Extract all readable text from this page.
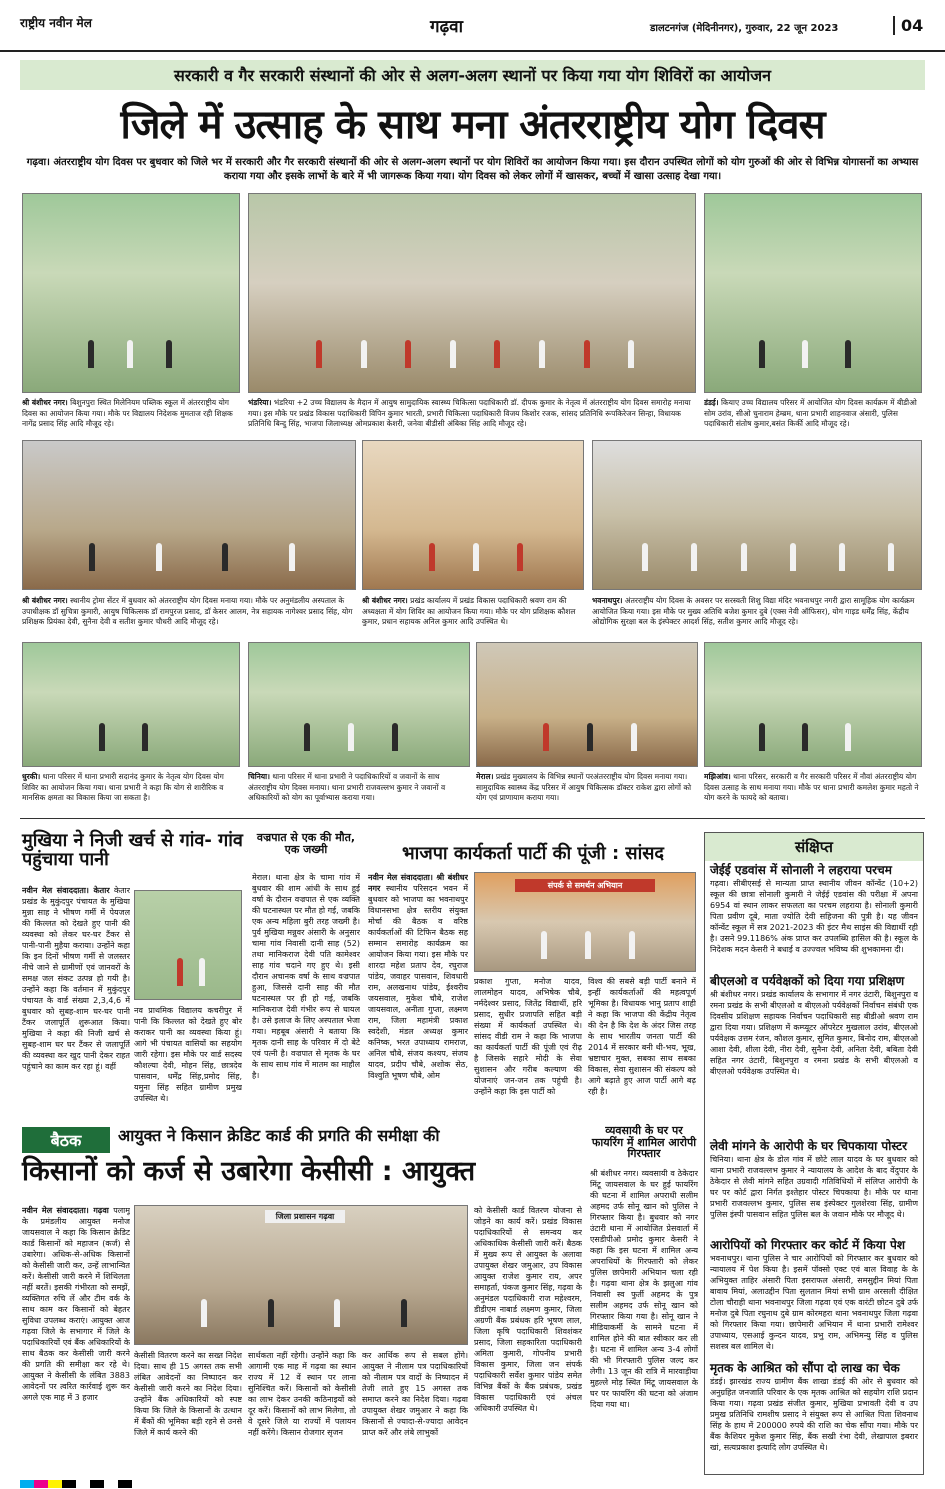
राष्ट्रीय नवीन मेल	गढ़वा	डालटनगंज (मेदिनीनगर), गुरुवार, 22 जून 2023	04
सरकारी व गैर सरकारी संस्थानों की ओर से अलग-अलग स्थानों पर किया गया योग शिविरों का आयोजन
जिले में उत्साह के साथ मना अंतरराष्ट्रीय योग दिवस
गढ़वा। अंतरराष्ट्रीय योग दिवस पर बुधवार को जिले भर में सरकारी और गैर सरकारी संस्थानों की ओर से अलग-अलग स्थानों पर योग शिविरों का आयोजन किया गया। इस दौरान उपस्थित लोगों को योग गुरुओं की ओर से विभिन्न योगासनों का अभ्यास कराया गया और इसके लाभों के बारे में भी जागरूक किया गया। योग दिवस को लेकर लोगों में खासकर, बच्चों में खासा उत्साह देखा गया।
श्री बंशीधर नगर। बिशुनपुरा स्थित मिलेनियम पब्लिक स्कूल में अंतरराष्ट्रीय योग दिवस का आयोजन किया गया। मौके पर विद्यालय निदेशक मुमताज रही शिक्षक नागेंद्र प्रसाद सिंह आदि मौजूद रहे।
भंडरिया। भंडरिया +2 उच्च विद्यालय के मैदान में आयुष सामुदायिक स्वास्थ्य चिकित्सा पदाधिकारी डॉ. दीपक कुमार के नेतृत्व में अंतरराष्ट्रीय योग दिवस समारोह मनाया गया। इस मौके पर प्रखंड विकास पदाधिकारी विपिन कुमार भारती, प्रभारी चिकित्सा पदाधिकारी विजय किशोर रजक, सांसद प्रतिनिधि रूपकिरेजन सिन्हा, विधायक प्रतिनिधि बिन्दु सिंह, भाजपा जिलाध्यक्ष ओमप्रकाश केशरी, जनेवा बीडीसी अंबिका सिंह आदि मौजूद रहे।
डंडई। कियाए उच्च विद्यालय परिसर में आयोजित योग दिवस कार्यक्रम में बीडीओ सोम उरांव, सीओ चुनाराम हेम्ब्रम, थाना प्रभारी शाहनवाज अंसारी, पुलिस पदाधिकारी संतोष कुमार,बसंत किर्की आदि मौजूद रहे।
श्री बंशीधर नगर। स्थानीय ट्रोमा सेंटर में बुधवार को अंतरराष्ट्रीय योग दिवस मनाया गया। मौके पर अनुमंडलीय अस्पताल के उपाधीक्षक डॉ सुचित्रा कुमारी, आयुष चिकित्सक डॉ रामपुरज प्रसाद, डॉ केसर आलम, नेत्र सहायक नागेश्वर प्रसाद सिंह, योग प्रशिक्षक प्रियंका देवी, सुनैना देवी व सतीश कुमार चौधरी आदि मौजूद रहे।
श्री बंशीधर नगर। प्रखंड कार्यालय में प्रखंड विकास पदाधिकारी श्रवण राम की अध्यक्षता में योग शिविर का आयोजन किया गया। मौके पर योग प्रशिक्षक कौशल कुमार, प्रधान सहायक अनिल कुमार आदि उपस्थित थे।
भवनाथपुर। अंतरराष्ट्रीय योग दिवस के अवसर पर सरस्वती शिशु विद्या मंदिर भवनाथपुर नगरी द्वारा सामूहिक योग कार्यक्रम आयोजित किया गया। इस मौके पर मुख्य अतिथि बजेश कुमार दुबे (एक्स नेवी ऑफिसर), योग गाइड धर्मेंद्र सिंह, केंद्रीय ओद्योगिक सुरक्षा बल के इंस्पेक्टर आदर्श सिंह, सतीश कुमार आदि मौजूद रहे।
धुरकी। थाना परिसर में थाना प्रभारी सदानंद कुमार के नेतृत्व योग दिवस योग शिविर का आयोजन किया गया। थाना प्रभारी ने कहा कि योग से शारीरिक व मानसिक क्षमता का विकास किया जा सकता है।
चिनिया। थाना परिसर में थाना प्रभारी ने पदाधिकारियों व जवानों के साथ अंतरराष्ट्रीय योग दिवस मनाया। थाना प्रभारी राजवल्लभ कुमार ने जवानों व अधिकारियों को योग का पूर्वाभ्यास कराया गया।
मेराल। प्रखंड मुख्यालय के विभिन्न स्थानों परअंतरराष्ट्रीय योग दिवस मनाया गया। सामुदायिक स्वास्थ्य केंद्र परिसर में आयुष चिकित्सक डॉक्टर राकेश द्वारा लोगों को योग एवं प्राणायाम कराया गया।
मझिआंव। थाना परिसर, सरकारी व गैर सरकारी परिसर में नौवां अंतरराष्ट्रीय योग दिवस उत्साह के साथ मनाया गया। मौके पर थाना प्रभारी कमलेश कुमार महतो ने योग करने के फायदे को बताया।
मुखिया ने निजी खर्च से गांव- गांव पहुंचाया पानी
नवीन मेल संवाददाता। केतार केतार प्रखंड के मुकुंदपुर पंचायत के मुखिया मुन्ना साह ने भीषण गर्मी में पेयजल की किल्लत को देखते हुए पानी की व्यवस्था को लेकर घर-घर टैंकर से पानी-पानी मुहैया कराया। उन्होंने कहा कि इन दिनों भीषण गर्मी से जलस्तर नीचे जाने से ग्रामीणों एवं जानवरों के समक्ष जल संकट उत्पन्न हो गयी है। उन्होंने कहा कि वर्तमान में मुकुंदपुर पंचायत के वार्ड संख्या 2,3,4,6 में बुधवार को सुबह-शाम घर-घर पानी टैंकर जलापूर्ति शुरूआत किया। मुखिया ने कहा की निजी खर्च से सुबह-शाम घर घर टैंकर से जलापूर्ति की व्यवस्था कर खुद पानी देकर राहत पहुंचाने का काम कर रहा हूं। वहीं
नव प्राथमिक विद्यालय कचरीपुर में पानी कि किल्लत को देखते हुए बोर कराकर पानी का व्यवस्था किया हूं।आगे भी पंचायत वासियों का सहयोग जारी रहेगा। इस मौके पर वार्ड सदस्य कौशल्या देवी, मोहन सिंह, छात्रदेव पासवान, धर्मेंद्र सिंह,प्रमोद सिंह, यमुना सिंह सहित ग्रामीण प्रमुख उपस्थित थे।
वज्रपात से एक की मौत, एक जख्मी
मेराल। थाना क्षेत्र के चामा गांव में बुधवार की शाम आंधी के साथ हुई वर्षा के दौरान वज्रपात से एक व्यक्ति की घटनास्थल पर मौत हो गई, जबकि एक अन्य महिला बुरी तरह जख्मी है। पुर्व मुखिया मन्नुवर अंसारी के अनुसार चामा गांव निवासी दानी साह (52) तथा मानिकराज देवी पति कामेश्वर साह गांव चदाने गए हुए थे। इसी दौरान अचानक वर्षा के साथ वज्रपात हुआ, जिससे दानी साह की मौत घटनास्थल पर ही हो गई, जबकि मानिकराज देवी गंभीर रूप से घायल है। उसे इलाज के लिए अस्पताल भेजा गया। महबूब अंसारी ने बताया कि मृतक दानी साह के परिवार में दो बेटे एवं पत्नी है। वज्रपात से मृतक के घर के साथ साथ गांव में मातम का माहौल है।
भाजपा कार्यकर्ता पार्टी की पूंजी : सांसद
नवीन मेल संवाददाता। श्री बंशीधर नगर स्थानीय परिसदन भवन में बुधवार को भाजपा का भवनाथपुर विधानसभा क्षेत्र स्तरीय संयुक्त मोर्चा की बैठक व वरिष्ठ कार्यकर्ताओं की टिफिन बैठक सह सम्मान समारोह कार्यक्रम का आयोजन किया गया। इस मौके पर शारदा महेश प्रताप देव, रघुराज पांडेय, जवाहर पासवान, शिवधारी राम, अलखनाथ पांडेय, ईश्वरीय जयसवाल, मुकेश चौबे, राजेश जायसवाल, अनीता गुप्ता, लक्ष्मण राम, जिला महामंत्री प्रकाश स्वदेशी, मंडल अध्यक्ष कुमार कनिष्क, भरत उपाध्याय रामराज, अनिल चौबे, संजय कश्यप, संजय यादव, प्रदीप चौबे, अशोक सेठ, विश्वुति भूषण चौबे, ओम
संपर्क से समर्थन अभियान
प्रकाश गुप्ता, मनोज यादव, लालमोहन यादव, अभिषेक चौबे, नर्मदेश्वर प्रसाद, जितेंद्र विद्यार्थी, हरि प्रसाद, सुधीर प्रजापति सहित बड़ी संख्या में कार्यकर्ता उपस्थित थे। सांसद वीडी राम ने कहा कि भाजपा का कार्यकर्ता पार्टी की पूंजी एवं रीढ़ है जिसके सहारे मोदी के सेवा सुशासन और गरीब कल्याण की योजनाएं जन-जन तक पहुंची है। उन्होंने कहा कि इस पार्टी को
विश्व की सबसे बड़ी पार्टी बनाने में इन्हीं कार्यकर्ताओं की महत्वपूर्ण भूमिका है। विधायक भानु प्रताप शाही ने कहा कि भाजपा की केंद्रीय नेतृत्व की देन है कि देश के अंदर जिस तरह के साथ भारतीय जनता पार्टी की 2014 में सरकार बनी थी-भय, भूख, भ्रष्टाचार मुक्त, सबका साथ सबका विकास, सेवा सुशासन की संकल्प को आगे बढ़ाते हुए आज पार्टी आगे बढ़ रही है।
बैठक	आयुक्त ने किसान क्रेडिट कार्ड की प्रगति की समीक्षा की
किसानों को कर्ज से उबारेगा केसीसी : आयुक्त
नवीन मेल संवाददाता। गढ़वा पलामू के प्रमंडलीय आयुक्त मनोज जायसवाल ने कहा कि किसान क्रेडिट कार्ड किसानों को महाजन (कर्ज) से उबारेगा। अधिक-से-अधिक किसानों को केसीसी जारी कर, उन्हें लाभान्वित करें। केसीसी जारी करने में शिथिलता नहीं बरतें। इसकी गंभीरता को समझें, व्यक्तिगत रुचि लें और टीम वर्क के साथ काम कर किसानों को बेहतर सुविधा उपलब्ध कराएं। आयुक्त आज गढ़वा जिले के सभागार में जिले के पदाधिकारियों एवं बैंक अधिकारियों के साथ बैठक कर केसीसी जारी करने की प्रगति की समीक्षा कर रहे थे। आयुक्त ने केसीसी के लंबित 3883 आवेदनों पर त्वरित कार्रवाई शुरू कर अगले एक माह में 3 हजार
जिला प्रशासन गढ़वा
केसीसी वितरण करने का सख्त निदेश दिया। साथ ही 15 अगस्त तक सभी लंबित आवेदनों का निष्पादन कर केसीसी जारी करने का निदेश दिया। उन्होंने बैंक अधिकारियों को स्पष्ट किया कि जिले के किसानों के उत्थान में बैंकों की भूमिका बड़ी रहने से उनसे जिले में कार्य करने की
सार्थकता नहीं रहेगी। उन्होंने कहा कि आगामी एक माह में गढ़वा का स्थान राज्य में 12 वें स्थान पर लाना सुनिश्चित करें। किसानों को केसीसी का लाभ देकर उनकी कठिनाइयों को दूर करें। किसानों को लाभ मिलेगा, तो वे दूसरे जिले या राज्यों में पलायन नहीं करेंगे। किसान रोजगार सृजन
कर आर्थिक रूप से सबल होंगे। आयुक्त ने नीलाम पत्र पदाधिकारियों को नीलाम पत्र वादों के निष्पादन में तेजी लाते हुए 15 अगस्त तक समाप्त करने का निदेश दिया। गढ़वा उपायुक्त शेखर जमुआर ने कहा कि किसानों से ज्यादा-से-ज्यादा आवेदन प्राप्त करें और लंबे लाभुकों
को केसीसी कार्ड वितरण योजना से जोड़ने का कार्य करें। प्रखंड विकास पदाधिकारियों से समन्वय कर अधिकाधिक केसीसी जारी करें। बैठक में मुख्य रूप से आयुक्त के अलावा उपायुक्त शेखर जमुआर, उप विकास आयुक्त राजेश कुमार राय, अपर समाहर्ता, पंकज कुमार सिंह, गढ़वा के अनुमंडल पदाधिकारी राज महेश्वरम, डीडीएम नाबार्ड लक्ष्मण कुमार, जिला अग्रणी बैंक प्रबंधक हरि भूषण लाल, जिला कृषि पदाधिकारी शिवशंकर प्रसाद, जिला सहकारिता पदाधिकारी अमिता कुमारी, गोपनीय प्रभारी विकास कुमार, जिला जन संपर्क पदाधिकारी सर्वेश कुमार पांडेय समेत विभिन्न बैंकों के बैंक प्रबंधक, प्रखंड विकास पदाधिकारी एवं अंचल अधिकारी उपस्थित थे।
व्यवसायी के घर पर फायरिंग में शामिल आरोपी गिरफ्तार
श्री बंशीधर नगर। व्यवसायी व ठेकेदार मिंटू जायसवाल के घर हुई फायरिंग की घटना में शामिल अपराधी सलीम अहमद उर्फ सोनू खान को पुलिस ने गिरफ्तार किया है। बुधवार को नगर उंटारी थाना में आयोजित प्रेसवार्ता में एसडीपीओ प्रमोद कुमार केसरी ने कहा कि इस घटना में शामिल अन्य अपराधियों के गिरफ्तारी को लेकर पुलिस छापेमारी अभियान चला रही है। गढ़वा थाना क्षेत्र के झलुआ गांव निवासी स्व फुर्ती अहमद के पुत्र सलीम अहमद उर्फ सोनू खान को गिरफ्तार किया गया है। सोनू खान ने मीडियाकर्मी के सामने घटना में शामिल होने की बात स्वीकार कर ली है। घटना में शामिल अन्य 3-4 लोगों की भी गिरफ्तारी पुलिस जल्द कर लेगी। 13 जून की रात्रि में मारवाड़ीया मुहल्ले मोड़ स्थित मिंटू जायसवाल के घर पर फायरिंग की घटना को अंजाम दिया गया था।
संक्षिप्त
जेईई एडवांस में सोनाली ने लहराया परचम
गढ़वा। सीबीएसई से मान्यता प्राप्त स्थानीय जीवन कॉन्वेंट (10+2) स्कूल की छात्रा सोनाली कुमारी ने जेईई एडवांस की परीक्षा में अपना 6954 वां स्थान लाकर सफलता का परचम लहराया है। सोनाली कुमारी पिता प्रवीण दूबे, माता ज्योति देवी सहिजना की पुत्री है। यह जीवन कॉन्वेंट स्कूल में सत्र 2021-2023 की इंटर मैथ साइंस की विद्यार्थी रही है। उसने 99.1186% अंक प्राप्त कर उपलब्धि हासिल की है। स्कूल के निदेशक मदन केसरी ने बधाई व उज्ज्वल भविष्य की शुभकामना दी।
बीएलओ व पर्यवेक्षकों को दिया गया प्रशिक्षण
श्री बंशीधर नगर। प्रखंड कार्यालय के सभागार में नगर उंटारी, बिशुनपुरा व रमना प्रखंड के सभी बीएलओ व बीएलओ पर्यवेक्षकों निर्वाचन संबंधी एक दिवसीय प्रशिक्षण सहायक निर्वाचन पदाधिकारी सह बीडीओ श्रवण राम द्वारा दिया गया। प्रशिक्षण में कम्प्यूटर ऑपरेटर मुखलाल उरांव, बीएलओ पर्यवेक्षक उत्तम रंजन, कौशल कुमार, सुमित कुमार, बिनोद राम, बीएलओ आशा देवी, शीला देवी, नीरा देवी, सुनैना देवी, अनिता देवी, बबिता देवी सहित नगर उंटारी, बिशुनपुरा व रमना प्रखंड के सभी बीएलओ व बीएलओ पर्यवेक्षक उपस्थित थे।
लेवी मांगने के आरोपी के घर चिपकाया पोस्टर
चिनिया। थाना क्षेत्र के डोल गांव में छोटे लाल यादव के घर बुधवार को थाना प्रभारी राजवल्लभ कुमार ने न्यायालय के आदेश के बाद वेंदुपार के ठेकेदार से लेवी मांगने सहित उग्रवादी गतिविधियों में संलिप्त आरोपी के घर पर कोर्ट द्वारा निर्गत इश्तेहार पोस्टर चिपकाया है। मौके पर थाना प्रभारी राजवल्लभ कुमार, पुलिस सब इंस्पेक्टर गुलशेरवा सिंह, ग्रामीण पुलिस इंस्पी पासवान सहित पुलिस बल के जवान मौके पर मौजूद थे।
आरोपियों को गिरफ्तार कर कोर्ट में किया पेश
भवनाथपुर। थाना पुलिस ने चार आरोपियों को गिरफ्तार कर बुधवार को न्यायालय में पेश किया है। इसमें पॉक्सो एक्ट एवं बाल विवाह के के अभियुक्त ताहिर अंसारी पिता इसराफल अंसारी, समसुद्दीन मियां पिता बावाय मियां, अलाउद्दीन पिता सुलतान मियां सभी ग्राम अरसली दीक्षित टोला चौराही थाना भवनाथपुर जिला गढ़वा एवं एक वारंटी छोटन दुबे उर्फ मनोज दुबे पिता रघुनाथ दुबे ग्राम कोरमहरा थाना भवनाथपुर जिला गढ़वा को गिरफ्तार किया गया। छापेमारी अभियान में थाना प्रभारी रामेश्वर उपाध्याय, एसआई कुन्दन यादव, प्रभु राम, अभिमन्यु सिंह व पुलिस सशस्त्र बल शामिल थे।
मृतक के आश्रित को सौंपा दो लाख का चेक
डंडई। झारखंड राज्य ग्रामीण बैंक शाखा डंडई की ओर से बुधवार को अनुग्रहित जनजाति परिवार के एक मृतक आश्रित को सहयोग राशि प्रदान किया गया। गढ़वा प्रखंड संजीत कुमार, मुखिया प्रभावती देवी व उप प्रमुख प्रतिनिधि रामशीष प्रसाद ने संयुक्त रूप से आश्रित पिता शिवनाथ सिंह के हाथ में 200000 रुपये की राशि का चेक सौंपा गया। मौके पर बैंक कैशियर मुकेश कुमार सिंह, बैंक सखी रंभा देवी, लेखापाल इबरार खां, सत्यप्रकाश इत्यादि लोग उपस्थित थे।
